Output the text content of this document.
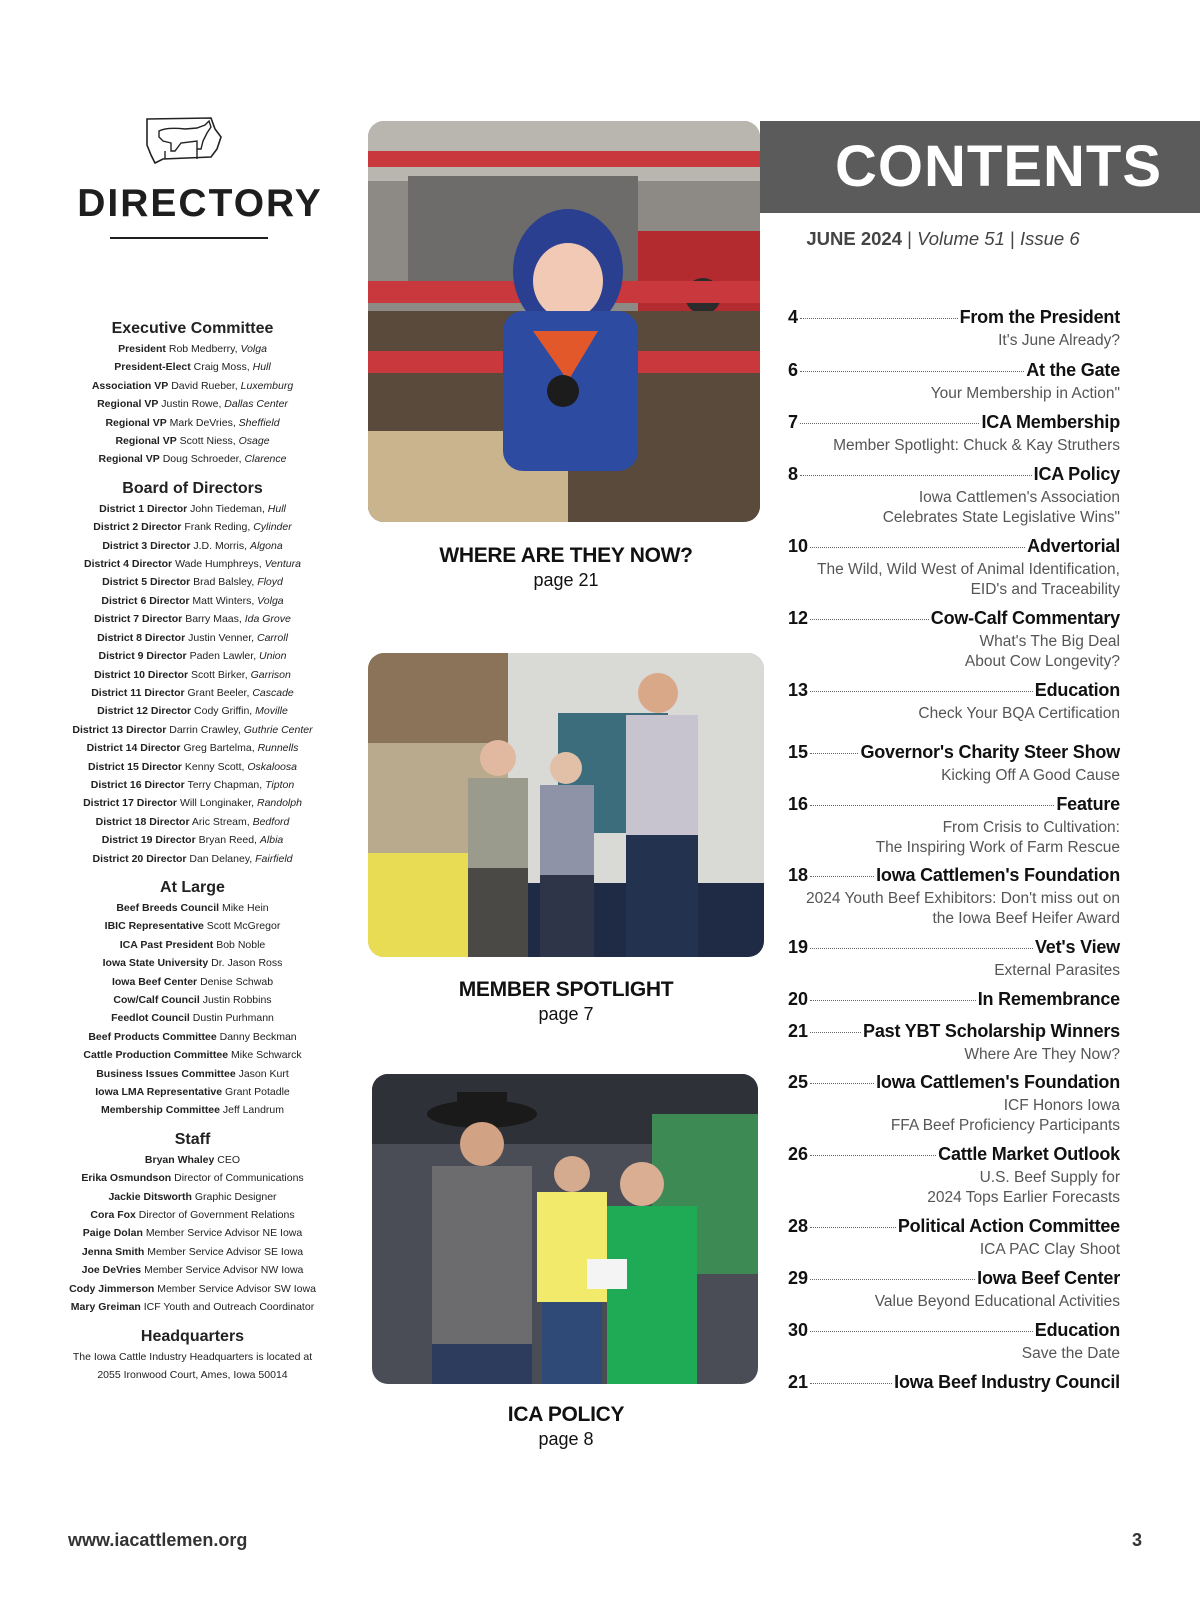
DIRECTORY
Executive Committee
President Rob Medberry, Volga
President-Elect Craig Moss, Hull
Association VP David Rueber, Luxemburg
Regional VP Justin Rowe, Dallas Center
Regional VP Mark DeVries, Sheffield
Regional VP Scott Niess, Osage
Regional VP Doug Schroeder, Clarence
Board of Directors
District 1 Director John Tiedeman, Hull
District 2 Director Frank Reding, Cylinder
District 3 Director J.D. Morris, Algona
District 4 Director Wade Humphreys, Ventura
District 5 Director Brad Balsley, Floyd
District 6 Director Matt Winters, Volga
District 7 Director Barry Maas, Ida Grove
District 8 Director Justin Venner, Carroll
District 9 Director Paden Lawler, Union
District 10 Director Scott Birker, Garrison
District 11 Director Grant Beeler, Cascade
District 12 Director Cody Griffin, Moville
District 13 Director Darrin Crawley, Guthrie Center
District 14 Director Greg Bartelma, Runnells
District 15 Director Kenny Scott, Oskaloosa
District 16 Director Terry Chapman, Tipton
District 17 Director Will Longinaker, Randolph
District 18 Director Aric Stream, Bedford
District 19 Director Bryan Reed, Albia
District 20 Director Dan Delaney, Fairfield
At Large
Beef Breeds Council Mike Hein
IBIC Representative Scott McGregor
ICA Past President Bob Noble
Iowa State University Dr. Jason Ross
Iowa Beef Center Denise Schwab
Cow/Calf Council Justin Robbins
Feedlot Council Dustin Purhmann
Beef Products Committee Danny Beckman
Cattle Production Committee Mike Schwarck
Business Issues Committee Jason Kurt
Iowa LMA Representative Grant Potadle
Membership Committee Jeff Landrum
Staff
Bryan Whaley CEO
Erika Osmundson Director of Communications
Jackie Ditsworth Graphic Designer
Cora Fox Director of Government Relations
Paige Dolan Member Service Advisor NE Iowa
Jenna Smith Member Service Advisor SE Iowa
Joe DeVries Member Service Advisor NW Iowa
Cody Jimmerson Member Service Advisor SW Iowa
Mary Greiman ICF Youth and Outreach Coordinator
Headquarters
The Iowa Cattle Industry Headquarters is located at
2055 Ironwood Court, Ames, Iowa 50014
WHERE ARE THEY NOW?
page 21
MEMBER SPOTLIGHT
page 7
ICA POLICY
page 8
CONTENTS
JUNE 2024 | Volume 51 | Issue 6
4	From the President
It's June Already?
6	At the Gate
Your Membership in Action"
7	ICA Membership
Member Spotlight: Chuck & Kay Struthers
8	ICA Policy
Iowa Cattlemen's Association
Celebrates State Legislative Wins"
10	Advertorial
The Wild, Wild West of Animal Identification,
EID's and Traceability
12	Cow-Calf Commentary
What's The Big Deal
About Cow Longevity?
13	Education
Check Your BQA Certification
15	Governor's Charity Steer Show
Kicking Off A Good Cause
16	Feature
From Crisis to Cultivation:
The Inspiring Work of Farm Rescue
18	Iowa Cattlemen's Foundation
2024 Youth Beef Exhibitors: Don't miss out on
the Iowa Beef Heifer Award
19	Vet's View
External Parasites
20	In Remembrance
21	Past YBT Scholarship Winners
Where Are They Now?
25	Iowa Cattlemen's Foundation
ICF Honors Iowa
FFA Beef Proficiency Participants
26	Cattle Market Outlook
U.S. Beef Supply for
2024 Tops Earlier Forecasts
28	Political Action Committee
ICA PAC Clay Shoot
29	Iowa Beef Center
Value Beyond Educational Activities
30	Education
Save the Date
21	Iowa Beef Industry Council
www.iacattlemen.org	3
